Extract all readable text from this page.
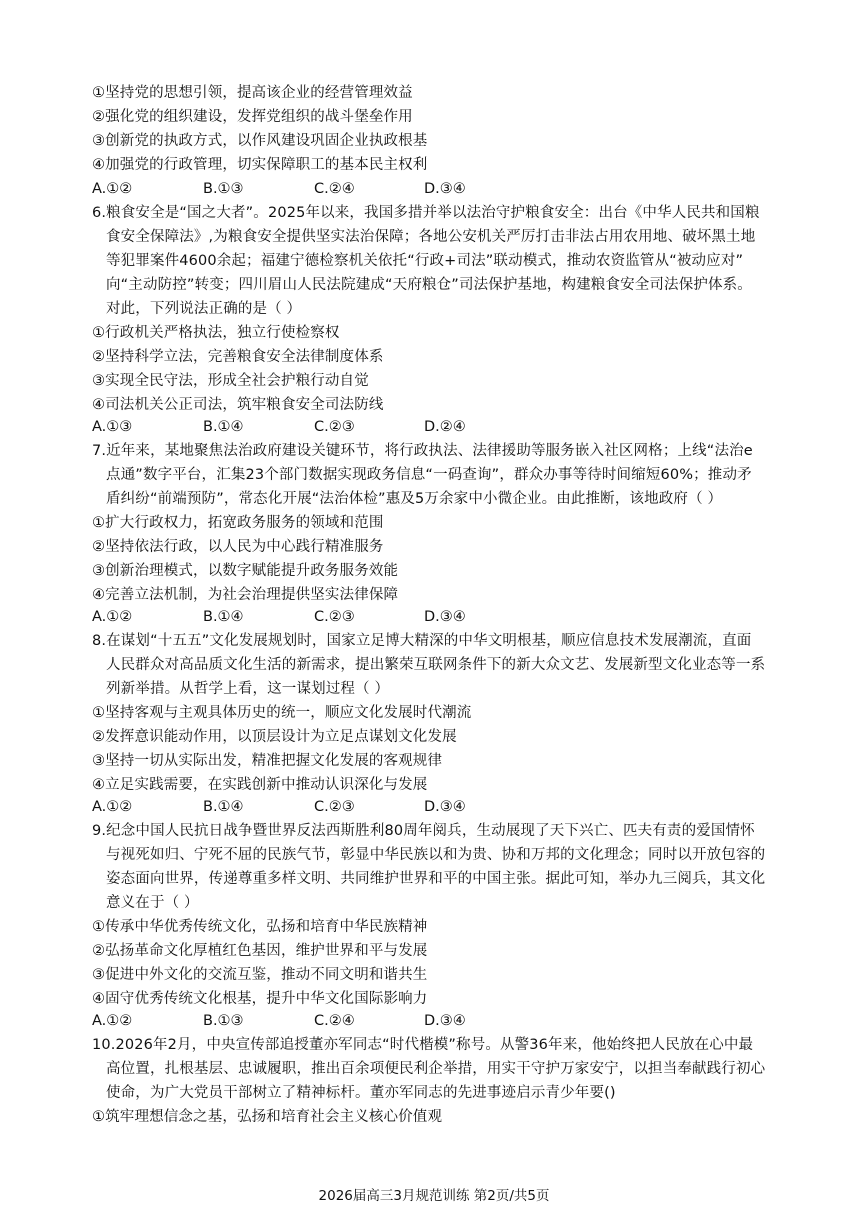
①坚持党的思想引领，提高该企业的经营管理效益
②强化党的组织建设，发挥党组织的战斗堡垒作用
③创新党的执政方式，以作风建设巩固企业执政根基
④加强党的行政管理，切实保障职工的基本民主权利
A.①②	B.①③	C.②④	D.③④
6.粮食安全是“国之大者”。2025年以来，我国多措并举以法治守护粮食安全：出台《中华人民共和国粮
食安全保障法》,为粮食安全提供坚实法治保障；各地公安机关严厉打击非法占用农用地、破坏黑土地
等犯罪案件4600余起；福建宁德检察机关依托“行政+司法”联动模式，推动农资监管从“被动应对”
向“主动防控”转变；四川眉山人民法院建成“天府粮仓”司法保护基地，构建粮食安全司法保护体系。
对此，下列说法正确的是（ ）
①行政机关严格执法，独立行使检察权
②坚持科学立法，完善粮食安全法律制度体系
③实现全民守法，形成全社会护粮行动自觉
④司法机关公正司法，筑牢粮食安全司法防线
A.①③	B.①④	C.②③	D.②④
7.近年来，某地聚焦法治政府建设关键环节，将行政执法、法律援助等服务嵌入社区网格；上线“法治e
点通”数字平台，汇集23个部门数据实现政务信息“一码查询”，群众办事等待时间缩短60%；推动矛
盾纠纷“前端预防”，常态化开展“法治体检”惠及5万余家中小微企业。由此推断，该地政府（ ）
①扩大行政权力，拓宽政务服务的领域和范围
②坚持依法行政，以人民为中心践行精准服务
③创新治理模式，以数字赋能提升政务服务效能
④完善立法机制，为社会治理提供坚实法律保障
A.①②	B.①④	C.②③	D.③④
8.在谋划“十五五”文化发展规划时，国家立足博大精深的中华文明根基，顺应信息技术发展潮流，直面
人民群众对高品质文化生活的新需求，提出繁荣互联网条件下的新大众文艺、发展新型文化业态等一系
列新举措。从哲学上看，这一谋划过程（ ）
①坚持客观与主观具体历史的统一，顺应文化发展时代潮流
②发挥意识能动作用，以顶层设计为立足点谋划文化发展
③坚持一切从实际出发，精准把握文化发展的客观规律
④立足实践需要，在实践创新中推动认识深化与发展
A.①②	B.①④	C.②③	D.③④
9.纪念中国人民抗日战争暨世界反法西斯胜利80周年阅兵，生动展现了天下兴亡、匹夫有责的爱国情怀
与视死如归、宁死不屈的民族气节，彰显中华民族以和为贵、协和万邦的文化理念；同时以开放包容的
姿态面向世界，传递尊重多样文明、共同维护世界和平的中国主张。据此可知，举办九三阅兵，其文化
意义在于（ ）
①传承中华优秀传统文化，弘扬和培育中华民族精神
②弘扬革命文化厚植红色基因，维护世界和平与发展
③促进中外文化的交流互鉴，推动不同文明和谐共生
④固守优秀传统文化根基，提升中华文化国际影响力
A.①②	B.①③	C.②④	D.③④
10.2026年2月，中央宣传部追授董亦军同志“时代楷模”称号。从警36年来，他始终把人民放在心中最
高位置，扎根基层、忠诚履职，推出百余项便民利企举措，用实干守护万家安宁，以担当奉献践行初心
使命，为广大党员干部树立了精神标杆。董亦军同志的先进事迹启示青少年要()
①筑牢理想信念之基，弘扬和培育社会主义核心价值观
2026届高三3月规范训练 第2页/共5页
